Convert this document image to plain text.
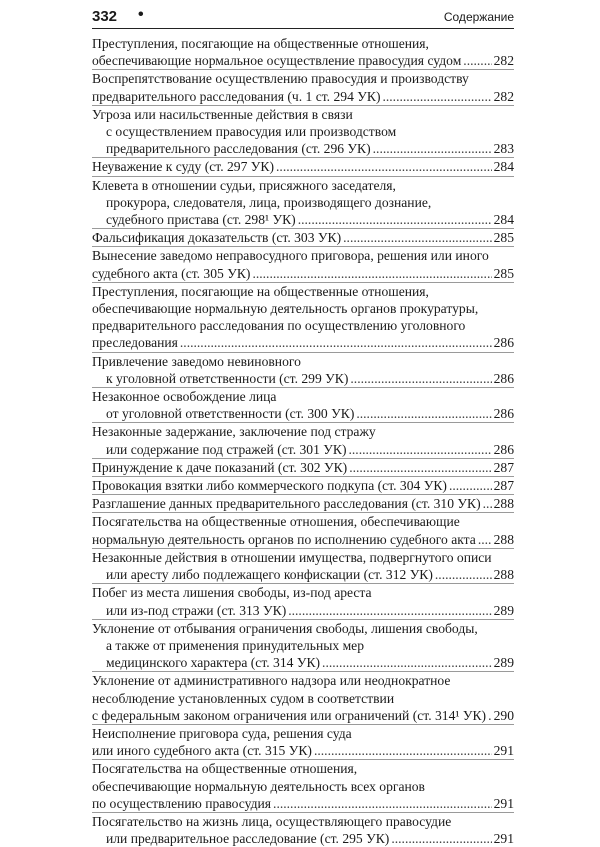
332 •	Содержание
Преступления, посягающие на общественные отношения,
обеспечивающие нормальное осуществление правосудия судом ..... 282
Воспрепятствование осуществлению правосудия и производству
предварительного расследования (ч. 1 ст. 294 УК) .....	282
Угроза или насильственные действия в связи
с осуществлением правосудия или производством
предварительного расследования (ст. 296 УК) .....	283
Неуважение к суду (ст. 297 УК) .....	284
Клевета в отношении судьи, присяжного заседателя,
прокурора, следователя, лица, производящего дознание,
судебного пристава (ст. 298¹ УК) .....	284
Фальсификация доказательств (ст. 303 УК) .....	285
Вынесение заведомо неправосудного приговора, решения или иного
судебного акта (ст. 305 УК) .....	285
Преступления, посягающие на общественные отношения,
обеспечивающие нормальную деятельность органов прокуратуры,
предварительного расследования по осуществлению уголовного
преследования .....	286
Привлечение заведомо невиновного
к уголовной ответственности (ст. 299 УК) .....	286
Незаконное освобождение лица
от уголовной ответственности (ст. 300 УК) .....	286
Незаконные задержание, заключение под стражу
или содержание под стражей (ст. 301 УК) .....	286
Принуждение к даче показаний (ст. 302 УК) .....	287
Провокация взятки либо коммерческого подкупа (ст. 304 УК) .....	287
Разглашение данных предварительного расследования (ст. 310 УК) ..... 288
Посягательства на общественные отношения, обеспечивающие
нормальную деятельность органов по исполнению судебного акта ..... 288
Незаконные действия в отношении имущества, подвергнутого описи
или аресту либо подлежащего конфискации (ст. 312 УК) .....	288
Побег из места лишения свободы, из-под ареста
или из-под стражи (ст. 313 УК) .....	289
Уклонение от отбывания ограничения свободы, лишения свободы,
а также от применения принудительных мер
медицинского характера (ст. 314 УК) .....	289
Уклонение от административного надзора или неоднократное
несоблюдение установленных судом в соответствии
с федеральным законом ограничения или ограничений (ст. 314¹ УК) ..... 290
Неисполнение приговора суда, решения суда
или иного судебного акта (ст. 315 УК) .....	291
Посягательства на общественные отношения,
обеспечивающие нормальную деятельность всех органов
по осуществлению правосудия .....	291
Посягательство на жизнь лица, осуществляющего правосудие
или предварительное расследование (ст. 295 УК) .....	291
